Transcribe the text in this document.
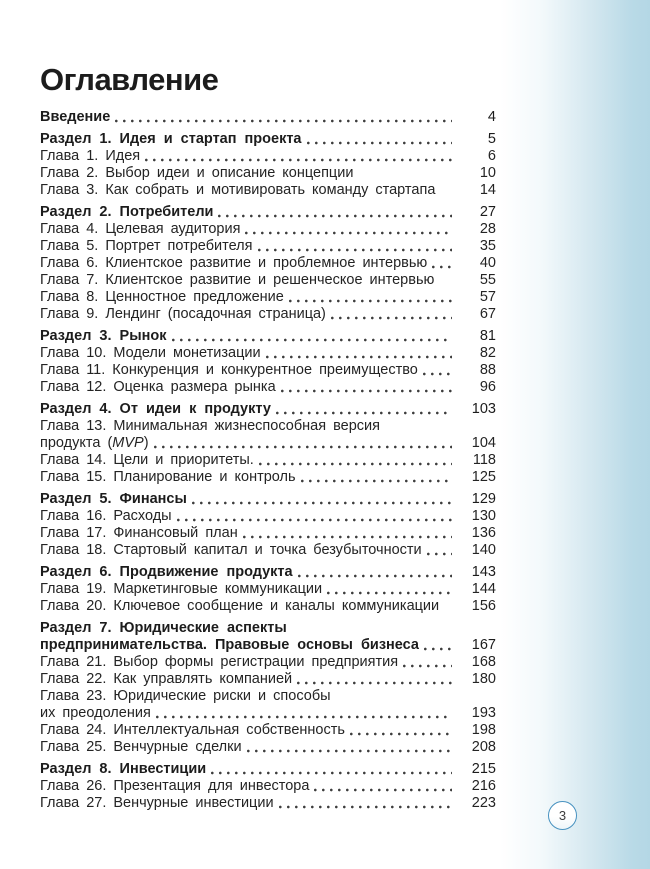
Оглавление
Введение	4
Раздел 1. Идея и стартап проекта	5
Глава 1. Идея	6
Глава 2. Выбор идеи и описание концепции	10
Глава 3. Как собрать и мотивировать команду стартапа	14
Раздел 2. Потребители	27
Глава 4. Целевая аудитория	28
Глава 5. Портрет потребителя	35
Глава 6. Клиентское развитие и проблемное интервью	40
Глава 7. Клиентское развитие и решенческое интервью	55
Глава 8. Ценностное предложение	57
Глава 9. Лендинг (посадочная страница)	67
Раздел 3. Рынок	81
Глава 10. Модели монетизации	82
Глава 11. Конкуренция и конкурентное преимущество	88
Глава 12. Оценка размера рынка	96
Раздел 4. От идеи к продукту	103
Глава 13. Минимальная жизнеспособная версия
продукта (MVP)	104
Глава 14. Цели и приоритеты.	118
Глава 15. Планирование и контроль	125
Раздел 5. Финансы	129
Глава 16. Расходы	130
Глава 17. Финансовый план	136
Глава 18. Стартовый капитал и точка безубыточности	140
Раздел 6. Продвижение продукта	143
Глава 19. Маркетинговые коммуникации	144
Глава 20. Ключевое сообщение и каналы коммуникации	156
Раздел 7. Юридические аспекты
предпринимательства. Правовые основы бизнеса	167
Глава 21. Выбор формы регистрации предприятия	168
Глава 22. Как управлять компанией	180
Глава 23. Юридические риски и способы
их преодоления	193
Глава 24. Интеллектуальная собственность	198
Глава 25. Венчурные сделки	208
Раздел 8. Инвестиции	215
Глава 26. Презентация для инвестора	216
Глава 27. Венчурные инвестиции	223
3
